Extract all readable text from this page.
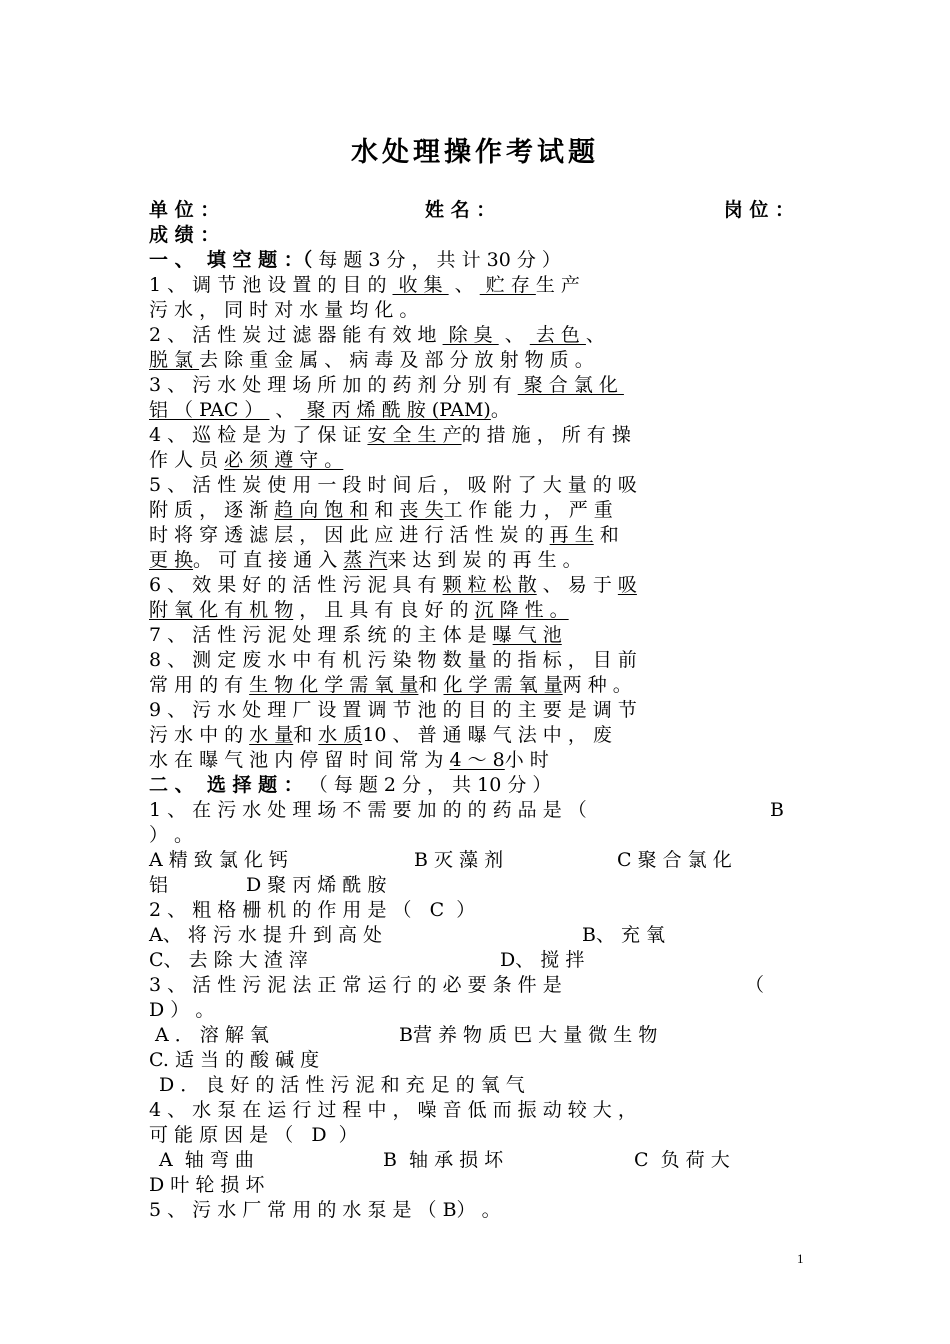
水处理操作考试题
单 位 ：	姓 名 ：	岗 位 ：
成 绩 ：
一 、  填 空 题 ：（ 每 题 3 分 ， 共 计 30 分 ）
1 、 调 节 池 设 置 的 目 的  收 集  、  贮 存 生 产
污 水 ， 同 时 对 水 量 均 化 。
2 、 活 性 炭 过 滤 器 能 有 效 地  除 臭  、  去 色 、
脱 氯 去 除 重 金 属 、 病 毒 及 部 分 放 射 物 质 。
3 、 污 水 处 理 场 所 加 的 药 剂 分 别 有  聚 合 氯 化
铝 （ PAC ）  、  聚 丙 烯 酰 胺 (PAM)。
4 、 巡 检 是 为 了 保 证 安 全 生 产的 措 施 ， 所 有 操
作 人 员 必 须 遵 守 。
5 、 活 性 炭 使 用 一 段 时 间 后 ， 吸 附 了 大 量 的 吸
附 质 ， 逐 渐 趋 向 饱 和 和 丧 失工 作 能 力 ， 严 重
时 将 穿 透 滤 层 ， 因 此 应 进 行 活 性 炭 的 再 生 和
更 换。 可 直 接 通 入 蒸 汽来 达 到 炭 的 再 生 。
6 、 效 果 好 的 活 性 污 泥 具 有 颗 粒 松 散 、 易 于 吸
附 氧 化 有 机 物 ， 且 具 有 良 好 的 沉 降 性 。
7 、 活 性 污 泥 处 理 系 统 的 主 体 是 曝 气 池
8 、 测 定 废 水 中 有 机 污 染 物 数 量 的 指 标 ， 目 前
常 用 的 有 生 物 化 学 需 氧 量和 化 学 需 氧 量两 种 。
9 、 污 水 处 理 厂 设 置 调 节 池 的 目 的 主 要 是 调 节
污 水 中 的 水 量和 水 质10 、 普 通 曝 气 法 中 ， 废
水 在 曝 气 池 内 停 留 时 间 常 为 4 ～ 8小 时
二 、  选 择 题 ： （ 每 题 2 分 ， 共 10 分 ）
1 、 在 污 水 处 理 场 不 需 要 加 的 的 药 品 是 （	B
） 。
A 精 致 氯 化 钙	B 灭 藻 剂	C 聚 合 氯 化
铝	D 聚 丙 烯 酰 胺
2 、 粗 格 栅 机 的 作 用 是 （   C  ）
A、 将 污 水 提 升 到 高 处	B、 充 氧
C、 去 除 大 渣 滓	D、 搅 拌
3 、 活 性 污 泥 法 正 常 运 行 的 必 要 条 件 是	（
D ） 。
A ． 溶 解 氧	B营 养 物 质 巴 大 量 微 生 物
C. 适 当 的 酸 碱 度
D ． 良 好 的 活 性 污 泥 和 充 足 的 氧 气
4 、 水 泵 在 运 行 过 程 中 ， 噪 音 低 而 振 动 较 大 ，
可 能 原 因 是 （   D  ）
A  轴 弯 曲	B  轴 承 损 坏	C  负 荷 大
D 叶 轮 损 坏
5 、 污 水 厂 常 用 的 水 泵 是 （ B） 。
1
